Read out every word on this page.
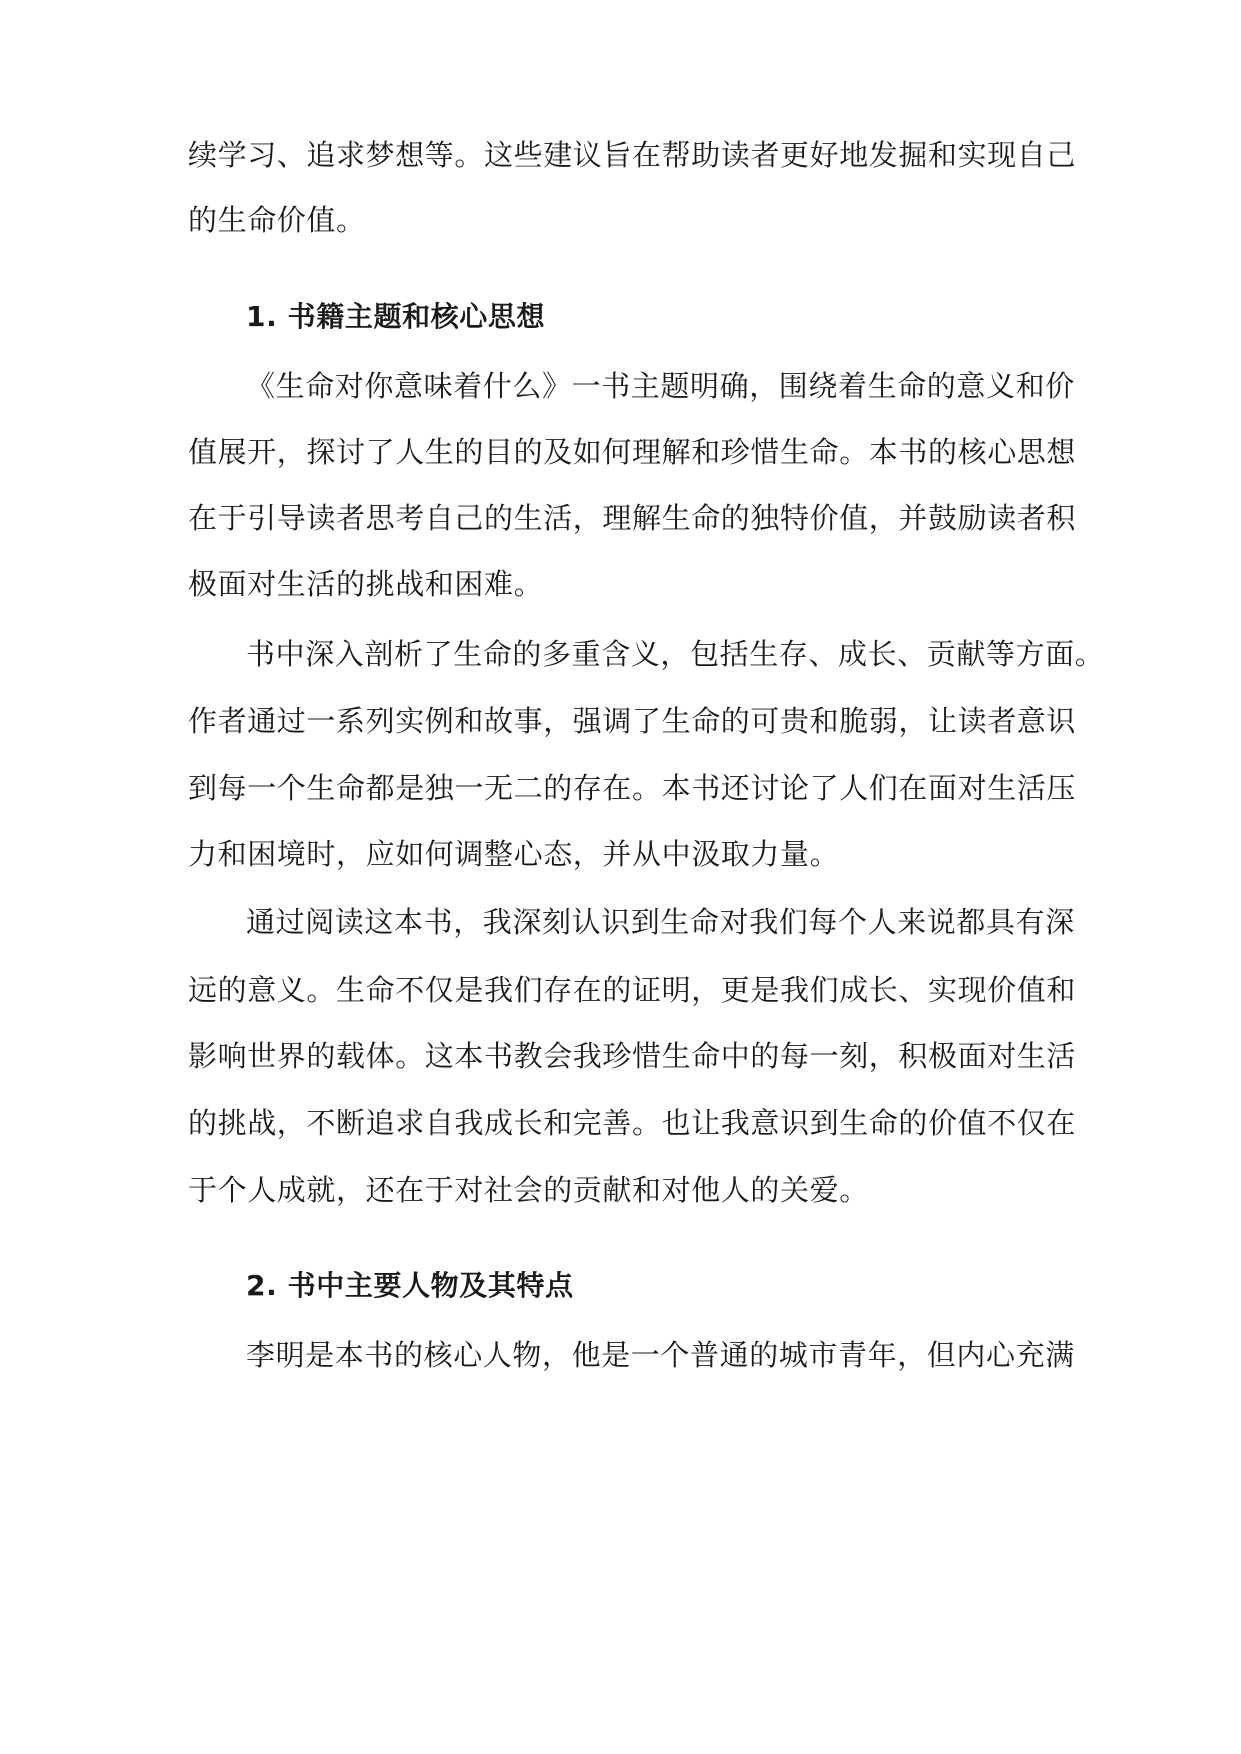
续学习、追求梦想等。这些建议旨在帮助读者更好地发掘和实现自己
的生命价值。
1. 书籍主题和核心思想
《生命对你意味着什么》一书主题明确，围绕着生命的意义和价
值展开，探讨了人生的目的及如何理解和珍惜生命。本书的核心思想
在于引导读者思考自己的生活，理解生命的独特价值，并鼓励读者积
极面对生活的挑战和困难。
书中深入剖析了生命的多重含义，包括生存、成长、贡献等方面。
作者通过一系列实例和故事，强调了生命的可贵和脆弱，让读者意识
到每一个生命都是独一无二的存在。本书还讨论了人们在面对生活压
力和困境时，应如何调整心态，并从中汲取力量。
通过阅读这本书，我深刻认识到生命对我们每个人来说都具有深
远的意义。生命不仅是我们存在的证明，更是我们成长、实现价值和
影响世界的载体。这本书教会我珍惜生命中的每一刻，积极面对生活
的挑战，不断追求自我成长和完善。也让我意识到生命的价值不仅在
于个人成就，还在于对社会的贡献和对他人的关爱。
2. 书中主要人物及其特点
李明是本书的核心人物，他是一个普通的城市青年，但内心充满
